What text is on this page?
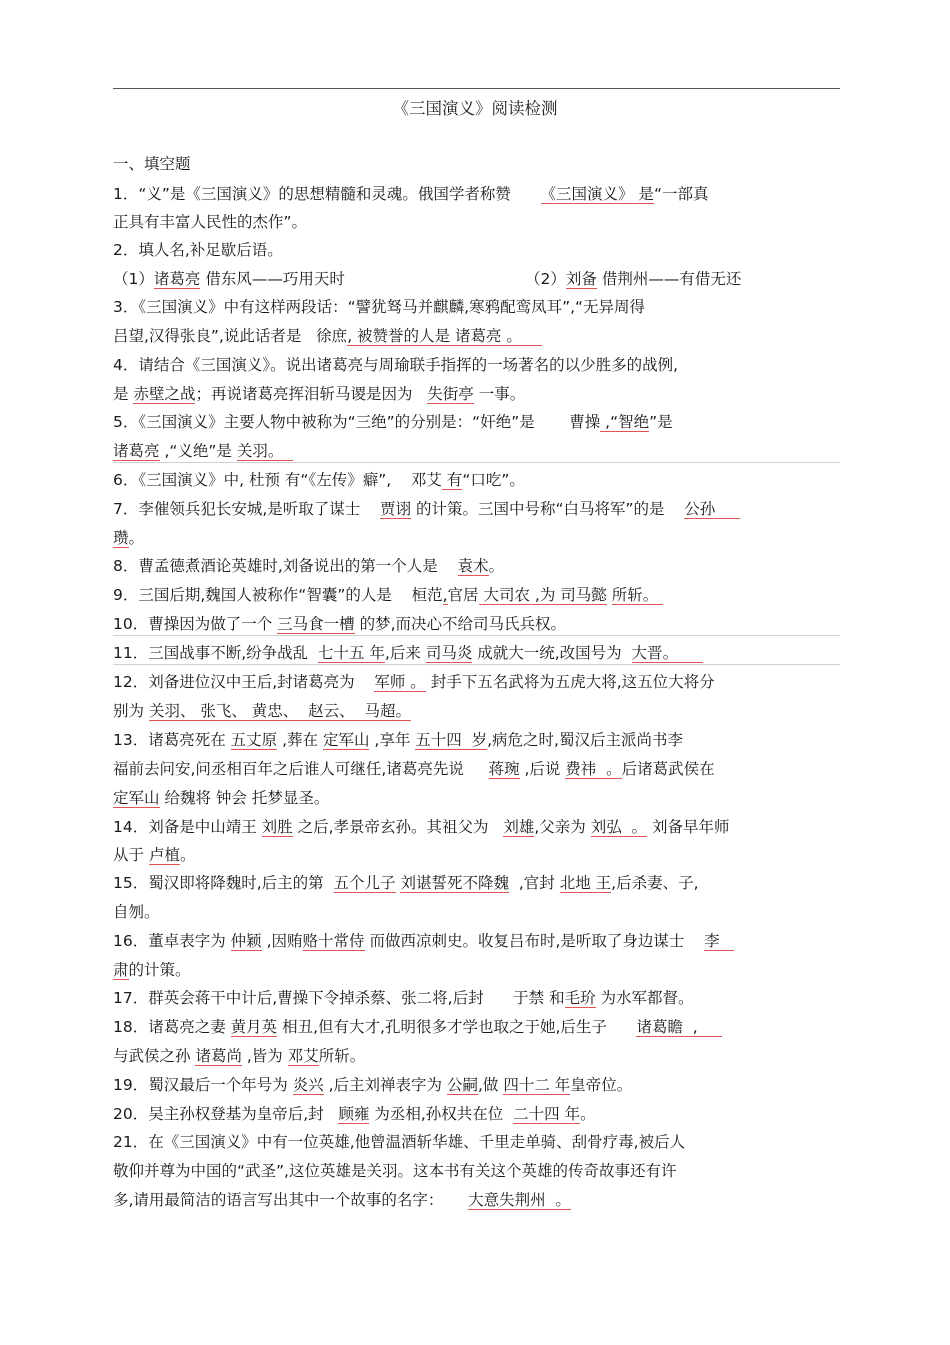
《三国演义》阅读检测
一、填空题
1．“义”是《三国演义》的思想精髓和灵魂。俄国学者称赞      《三国演义》 是“一部真
正具有丰富人民性的杰作”。
2．填人名,补足歇后语。
（1）诸葛亮 借东风——巧用天时	（2）刘备 借荆州——有借无还
3．《三国演义》中有这样两段话：“譬犹驽马并麒麟,寒鸦配鸾凤耳”,“无异周得
吕望,汉得张良”,说此话者是   徐庶, 被赞誉的人是 诸葛亮 。
4．请结合《三国演义》。说出诸葛亮与周瑜联手指挥的一场著名的以少胜多的战例,
是 赤壁之战；再说诸葛亮挥泪斩马谡是因为   失街亭 一事。
5．《三国演义》主要人物中被称为“三绝”的分别是：“奸绝”是       曹操 ,“智绝”是
诸葛亮 ,“义绝”是 关羽。
6．《三国演义》中, 杜预 有“《左传》癖”,    邓艾 有“口吃”。
7．李催领兵犯长安城,是听取了谋士    贾诩 的计策。三国中号称“白马将军”的是    公孙
瓒。
8．曹孟德煮酒论英雄时,刘备说出的第一个人是    袁术。
9．三国后期,魏国人被称作“智囊”的人是    桓范,官居 大司农 ,为 司马懿 所斩。
10．曹操因为做了一个 三马食一槽 的梦,而决心不给司马氏兵权。
11．三国战事不断,纷争战乱  七十五 年,后来 司马炎 成就大一统,改国号为  大晋。
12．刘备进位汉中王后,封诸葛亮为    军师 。 封手下五名武将为五虎大将,这五位大将分
别为 关羽、 张飞、 黄忠、  赵云、  马超。
13．诸葛亮死在 五丈原 ,葬在 定军山 ,享年 五十四  岁,病危之时,蜀汉后主派尚书李
福前去问安,问丞相百年之后谁人可继任,诸葛亮先说     蒋琬 ,后说 费祎  。后诸葛武侯在
定军山 给魏将 钟会 托梦显圣。
14．刘备是中山靖王 刘胜 之后,孝景帝玄孙。其祖父为   刘雄,父亲为 刘弘  。 刘备早年师
从于 卢植。
15．蜀汉即将降魏时,后主的第  五个儿子 刘谌誓死不降魏  ,官封 北地 王,后杀妻、子,
自刎。
16．董卓表字为 仲颖 ,因贿赂十常侍 而做西凉刺史。收复吕布时,是听取了身边谋士    李
肃的计策。
17．群英会蒋干中计后,曹操下令掉杀蔡、张二将,后封      于禁 和毛玠 为水军都督。
18．诸葛亮之妻 黄月英 相丑,但有大才,孔明很多才学也取之于她,后生子      诸葛瞻  ,
与武侯之孙 诸葛尚 ,皆为 邓艾所斩。
19．蜀汉最后一个年号为 炎兴 ,后主刘禅表字为 公嗣,做 四十二 年皇帝位。
20．吴主孙权登基为皇帝后,封   顾雍 为丞相,孙权共在位  二十四 年。
21．在《三国演义》中有一位英雄,他曾温酒斩华雄、千里走单骑、刮骨疗毒,被后人
敬仰并尊为中国的“武圣”,这位英雄是关羽。这本书有关这个英雄的传奇故事还有许
多,请用最简洁的语言写出其中一个故事的名字：     大意失荆州  。
